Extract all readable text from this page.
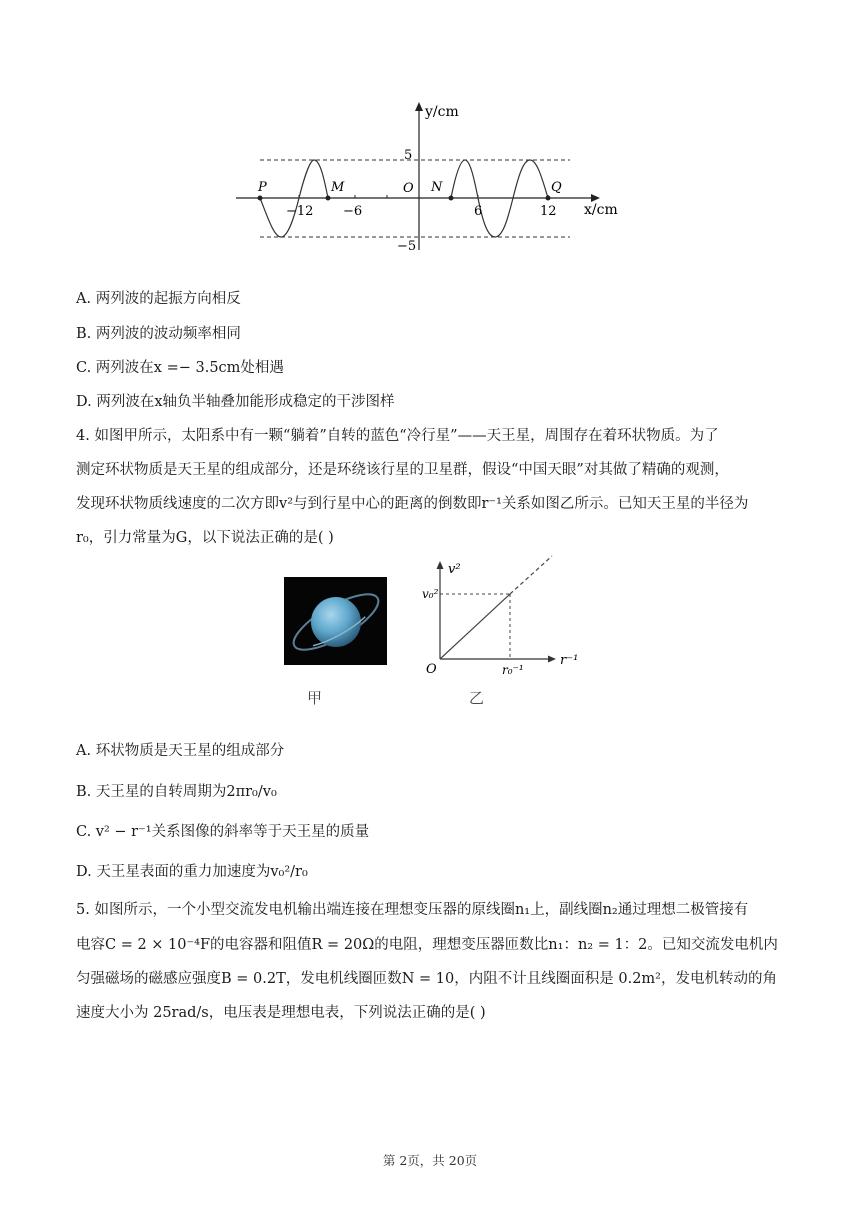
y/cm
x/cm
5
−5
−12 −6	6	12
P	M	O N	Q
A. 两列波的起振方向相反
B. 两列波的波动频率相同
C. 两列波在x =− 3.5cm处相遇
D. 两列波在x轴负半轴叠加能形成稳定的干涉图样
4. 如图甲所示，太阳系中有一颗“躺着”自转的蓝色“冷行星”——天王星，周围存在着环状物质。为了
测定环状物质是天王星的组成部分，还是环绕该行星的卫星群，假设“中国天眼”对其做了精确的观测，
发现环状物质线速度的二次方即v²与到行星中心的距离的倒数即r⁻¹关系如图乙所示。已知天王星的半径为
r₀，引力常量为G，以下说法正确的是( )
甲
v²
r⁻¹
v₀²
r₀⁻¹
O
乙
A. 环状物质是天王星的组成部分
B. 天王星的自转周期为2πr₀/v₀
C. v² − r⁻¹关系图像的斜率等于天王星的质量
D. 天王星表面的重力加速度为v₀²/r₀
5. 如图所示，一个小型交流发电机输出端连接在理想变压器的原线圈n₁上，副线圈n₂通过理想二极管接有
电容C = 2 × 10⁻⁴F的电容器和阻值R = 20Ω的电阻，理想变压器匝数比n₁：n₂ = 1：2。已知交流发电机内
匀强磁场的磁感应强度B = 0.2T，发电机线圈匝数N = 10，内阻不计且线圈面积是 0.2m²，发电机转动的角
速度大小为 25rad/s，电压表是理想电表，下列说法正确的是( )
第 2页，共 20页
